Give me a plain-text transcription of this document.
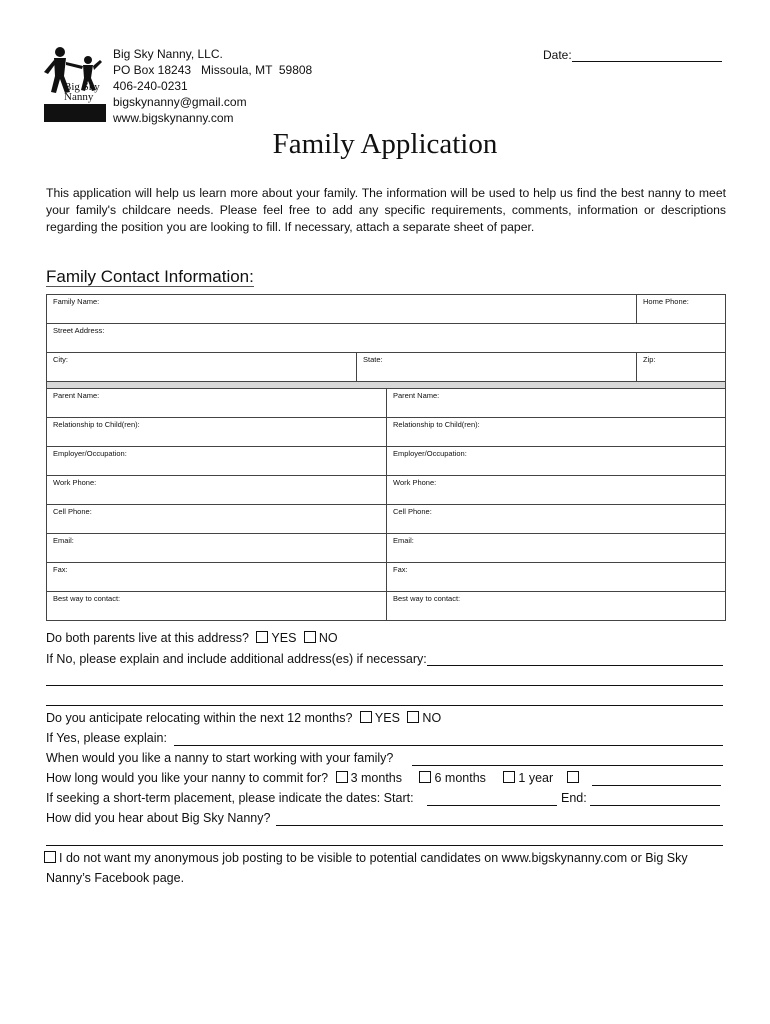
Big Sky
Nanny
Big Sky Nanny, LLC.
PO Box 18243   Missoula, MT  59808
406-240-0231
bigskynanny@gmail.com
www.bigskynanny.com
Date:
Family Application
This application will help us learn more about your family. The information will be used to help us find the best nanny to meet your family's childcare needs. Please feel free to add any specific requirements, comments, information or descriptions regarding the position you are looking to fill. If necessary, attach a separate sheet of paper.
Family Contact Information:
Family Name:			Home Phone:
Street Address:			
City:	State:		Zip:

Parent Name:		Parent Name:	
Relationship to Child(ren):		Relationship to Child(ren):	
Employer/Occupation:		Employer/Occupation:	
Work Phone:		Work Phone:	
Cell Phone:		Cell Phone:	
Email:		Email:	
Fax:		Fax:	
Best way to contact:		Best way to contact:	
Do both parents live at this address? YES NO
If No, please explain and include additional address(es) if necessary:
Do you anticipate relocating within the next 12 months? YES NO
If Yes, please explain:
When would you like a nanny to start working with your family?
How long would you like your nanny to commit for? 3 months	6 months	1 year
If seeking a short-term placement, please indicate the dates: Start:	End:
How did you hear about Big Sky Nanny?
I do not want my anonymous job posting to be visible to potential candidates on www.bigskynanny.com or Big Sky
Nanny’s Facebook page.
